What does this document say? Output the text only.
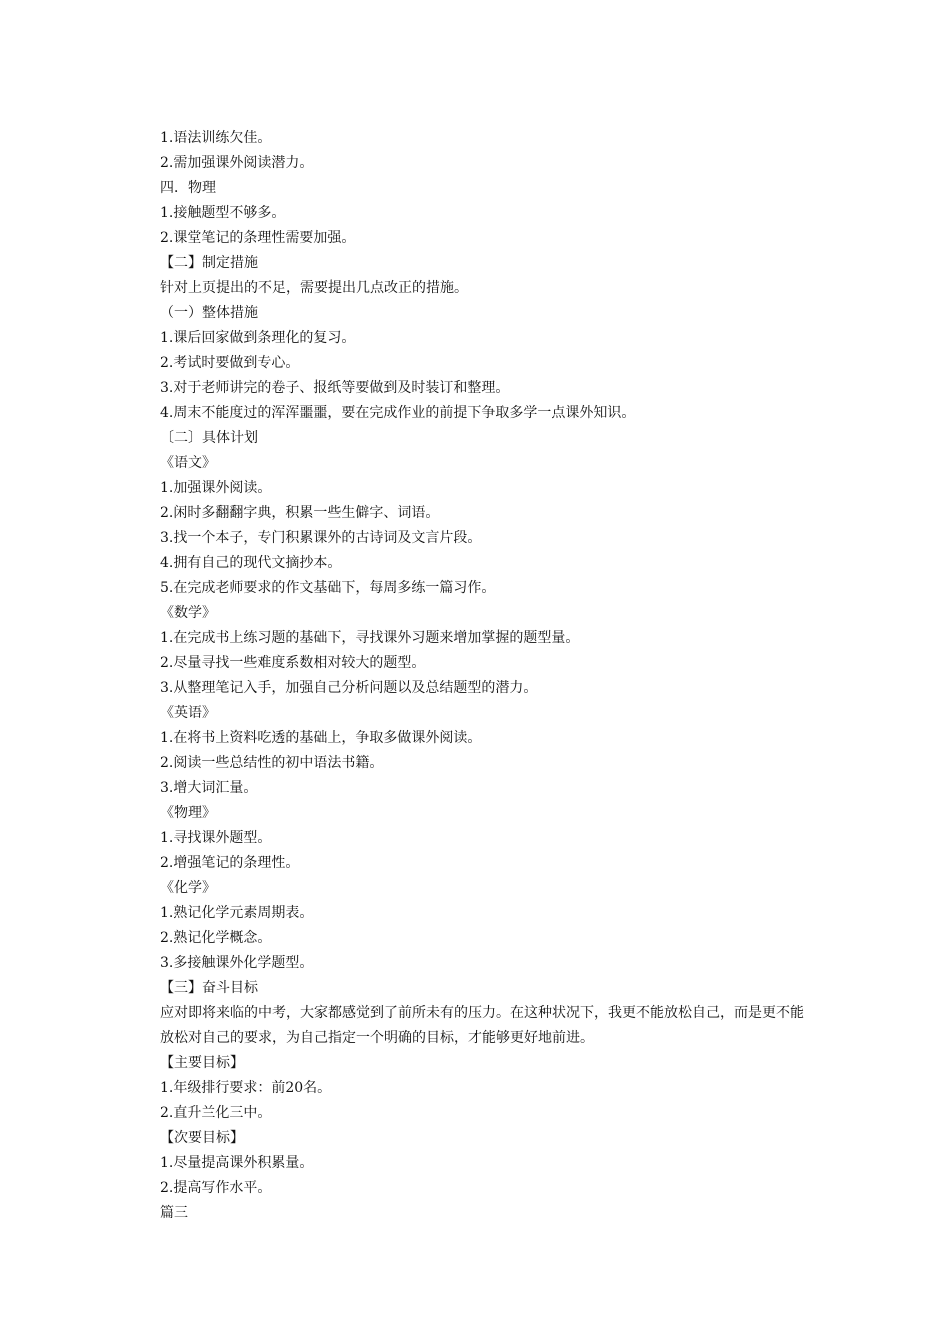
1.语法训练欠佳。
2.需加强课外阅读潜力。
四．物理
1.接触题型不够多。
2.课堂笔记的条理性需要加强。
【二】制定措施
针对上页提出的不足，需要提出几点改正的措施。
（一）整体措施
1.课后回家做到条理化的复习。
2.考试时要做到专心。
3.对于老师讲完的卷子、报纸等要做到及时装订和整理。
4.周末不能度过的浑浑噩噩，要在完成作业的前提下争取多学一点课外知识。
〔二〕具体计划
《语文》
1.加强课外阅读。
2.闲时多翻翻字典，积累一些生僻字、词语。
3.找一个本子，专门积累课外的古诗词及文言片段。
4.拥有自己的现代文摘抄本。
5.在完成老师要求的作文基础下，每周多练一篇习作。
《数学》
1.在完成书上练习题的基础下，寻找课外习题来增加掌握的题型量。
2.尽量寻找一些难度系数相对较大的题型。
3.从整理笔记入手，加强自己分析问题以及总结题型的潜力。
《英语》
1.在将书上资料吃透的基础上，争取多做课外阅读。
2.阅读一些总结性的初中语法书籍。
3.增大词汇量。
《物理》
1.寻找课外题型。
2.增强笔记的条理性。
《化学》
1.熟记化学元素周期表。
2.熟记化学概念。
3.多接触课外化学题型。
【三】奋斗目标
应对即将来临的中考，大家都感觉到了前所未有的压力。在这种状况下，我更不能放松自己，而是更不能放松对自己的要求，为自己指定一个明确的目标，才能够更好地前进。
【主要目标】
1.年级排行要求：前20名。
2.直升兰化三中。
【次要目标】
1.尽量提高课外积累量。
2.提高写作水平。
篇三
